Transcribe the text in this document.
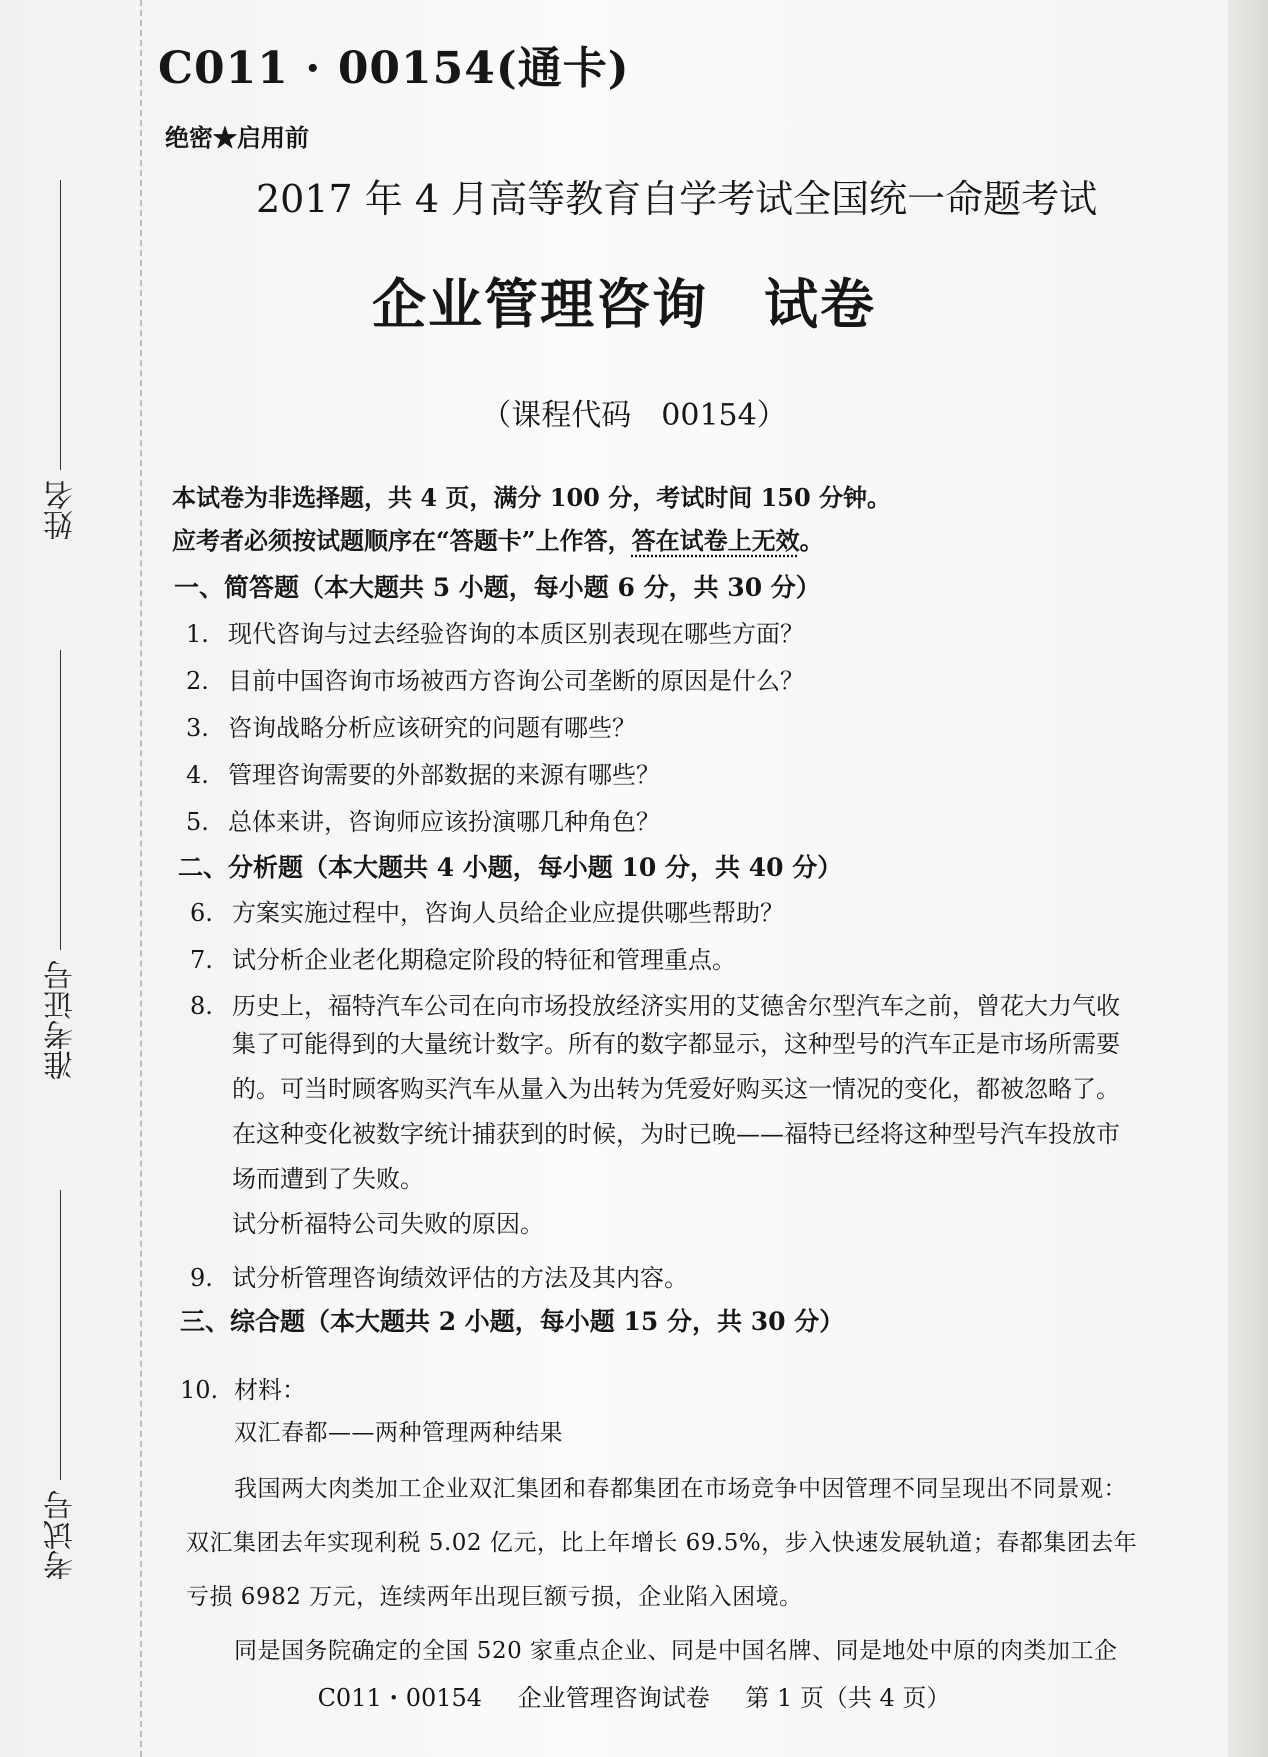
姓名
准考证号
考试号
C011 · 00154(通卡)
绝密★启用前
2017 年 4 月高等教育自学考试全国统一命题考试
企业管理咨询　试卷
（课程代码　00154）
本试卷为非选择题，共 4 页，满分 100 分，考试时间 150 分钟。
应考者必须按试题顺序在“答题卡”上作答，答在试卷上无效。
一、简答题（本大题共 5 小题，每小题 6 分，共 30 分）
1. 现代咨询与过去经验咨询的本质区别表现在哪些方面？
2. 目前中国咨询市场被西方咨询公司垄断的原因是什么？
3. 咨询战略分析应该研究的问题有哪些？
4. 管理咨询需要的外部数据的来源有哪些？
5. 总体来讲，咨询师应该扮演哪几种角色？
二、分析题（本大题共 4 小题，每小题 10 分，共 40 分）
6. 方案实施过程中，咨询人员给企业应提供哪些帮助？
7. 试分析企业老化期稳定阶段的特征和管理重点。
8. 历史上，福特汽车公司在向市场投放经济实用的艾德舍尔型汽车之前，曾花大力气收
集了可能得到的大量统计数字。所有的数字都显示，这种型号的汽车正是市场所需要
的。可当时顾客购买汽车从量入为出转为凭爱好购买这一情况的变化，都被忽略了。
在这种变化被数字统计捕获到的时候，为时已晚——福特已经将这种型号汽车投放市
场而遭到了失败。
试分析福特公司失败的原因。
9. 试分析管理咨询绩效评估的方法及其内容。
三、综合题（本大题共 2 小题，每小题 15 分，共 30 分）
10. 材料：
双汇春都——两种管理两种结果
我国两大肉类加工企业双汇集团和春都集团在市场竞争中因管理不同呈现出不同景观：
双汇集团去年实现利税 5.02 亿元，比上年增长 69.5%，步入快速发展轨道；春都集团去年
亏损 6982 万元，连续两年出现巨额亏损，企业陷入困境。
同是国务院确定的全国 520 家重点企业、同是中国名牌、同是地处中原的肉类加工企
C011・00154 企业管理咨询试卷 第 1 页（共 4 页）
